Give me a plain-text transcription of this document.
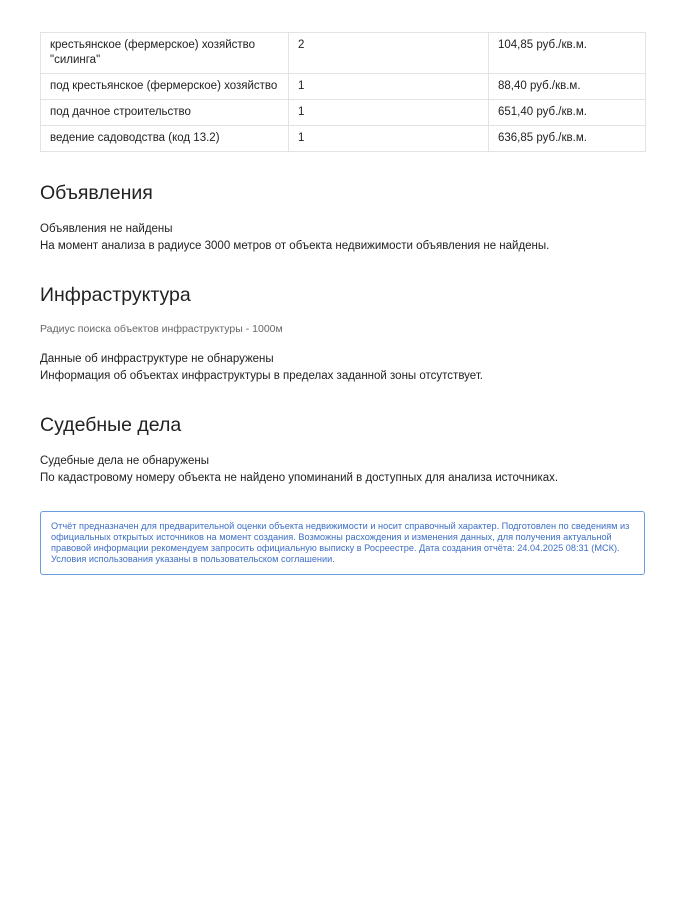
крестьянское (фермерское) хозяйство "силинга"	2	104,85 руб./кв.м.
под крестьянское (фермерское) хозяйство	1	88,40 руб./кв.м.
под дачное строительство	1	651,40 руб./кв.м.
ведение садоводства (код 13.2)	1	636,85 руб./кв.м.
Объявления

Объявления не найдены

На момент анализа в радиусе 3000 метров от объекта недвижимости объявления не найдены.

Инфраструктура

Радиус поиска объектов инфраструктуры - 1000м

Данные об инфраструктуре не обнаружены

Информация об объектах инфраструктуры в пределах заданной зоны отсутствует.

Судебные дела

Судебные дела не обнаружены

По кадастровому номеру объекта не найдено упоминаний в доступных для анализа источниках.

Отчёт предназначен для предварительной оценки объекта недвижимости и носит справочный характер. Подготовлен по сведениям из официальных открытых источников на момент создания. Возможны расхождения и изменения данных, для получения актуальной правовой информации рекомендуем запросить официальную выписку в Росреестре. Дата создания отчёта: 24.04.2025 08:31 (МСК). Условия использования указаны в пользовательском соглашении.
